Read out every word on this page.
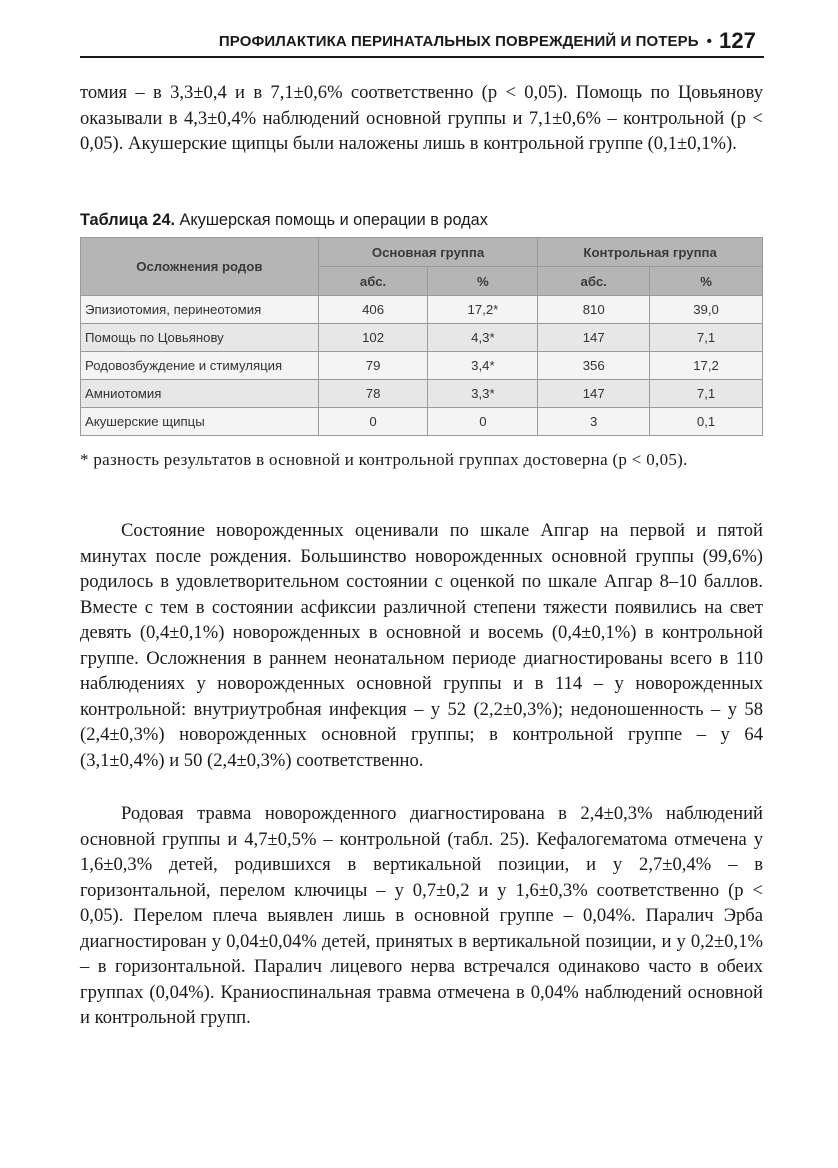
ПРОФИЛАКТИКА ПЕРИНАТАЛЬНЫХ ПОВРЕЖДЕНИЙ И ПОТЕРЬ • 127

томия – в 3,3±0,4 и в 7,1±0,6% соответственно (p < 0,05). Помощь по Цовьянову оказывали в 4,3±0,4% наблюдений основной группы и 7,1±0,6% – контрольной (p < 0,05). Акушерские щипцы были наложены лишь в контрольной группе (0,1±0,1%).

Таблица 24. Акушерская помощь и операции в родах
Осложнения родов	Основная группа		Контрольная группа	
	абс.	%	абс.	%
Эпизиотомия, перинеотомия	406	17,2*	810	39,0
Помощь по Цовьянову	102	4,3*	147	7,1
Родовозбуждение и стимуляция	79	3,4*	356	17,2
Амниотомия	78	3,3*	147	7,1
Акушерские щипцы	0	0	3	0,1

* разность результатов в основной и контрольной группах достоверна (p < 0,05).

Состояние новорожденных оценивали по шкале Апгар на первой и пятой минутах после рождения. Большинство новорожденных основной группы (99,6%) родилось в удовлетворительном состоянии с оценкой по шкале Апгар 8–10 баллов. Вместе с тем в состоянии асфиксии различной степени тяжести появились на свет девять (0,4±0,1%) новорожденных в основной и восемь (0,4±0,1%) в контрольной группе. Осложнения в раннем неонатальном периоде диагностированы всего в 110 наблюдениях у новорожденных основной группы и в 114 – у новорожденных контрольной: внутриутробная инфекция – у 52 (2,2±0,3%); недоношенность – у 58 (2,4±0,3%) новорожденных основной группы; в контрольной группе – у 64 (3,1±0,4%) и 50 (2,4±0,3%) соответственно.

Родовая травма новорожденного диагностирована в 2,4±0,3% наблюдений основной группы и 4,7±0,5% – контрольной (табл. 25). Кефалогематома отмечена у 1,6±0,3% детей, родившихся в вертикальной позиции, и у 2,7±0,4% – в горизонтальной, перелом ключицы – у 0,7±0,2 и у 1,6±0,3% соответственно (p < 0,05). Перелом плеча выявлен лишь в основной группе – 0,04%. Паралич Эрба диагностирован у 0,04±0,04% детей, принятых в вертикальной позиции, и у 0,2±0,1% – в горизонтальной. Паралич лицевого нерва встречался одинаково часто в обеих группах (0,04%). Краниоспинальная травма отмечена в 0,04% наблюдений основной и контрольной групп.
